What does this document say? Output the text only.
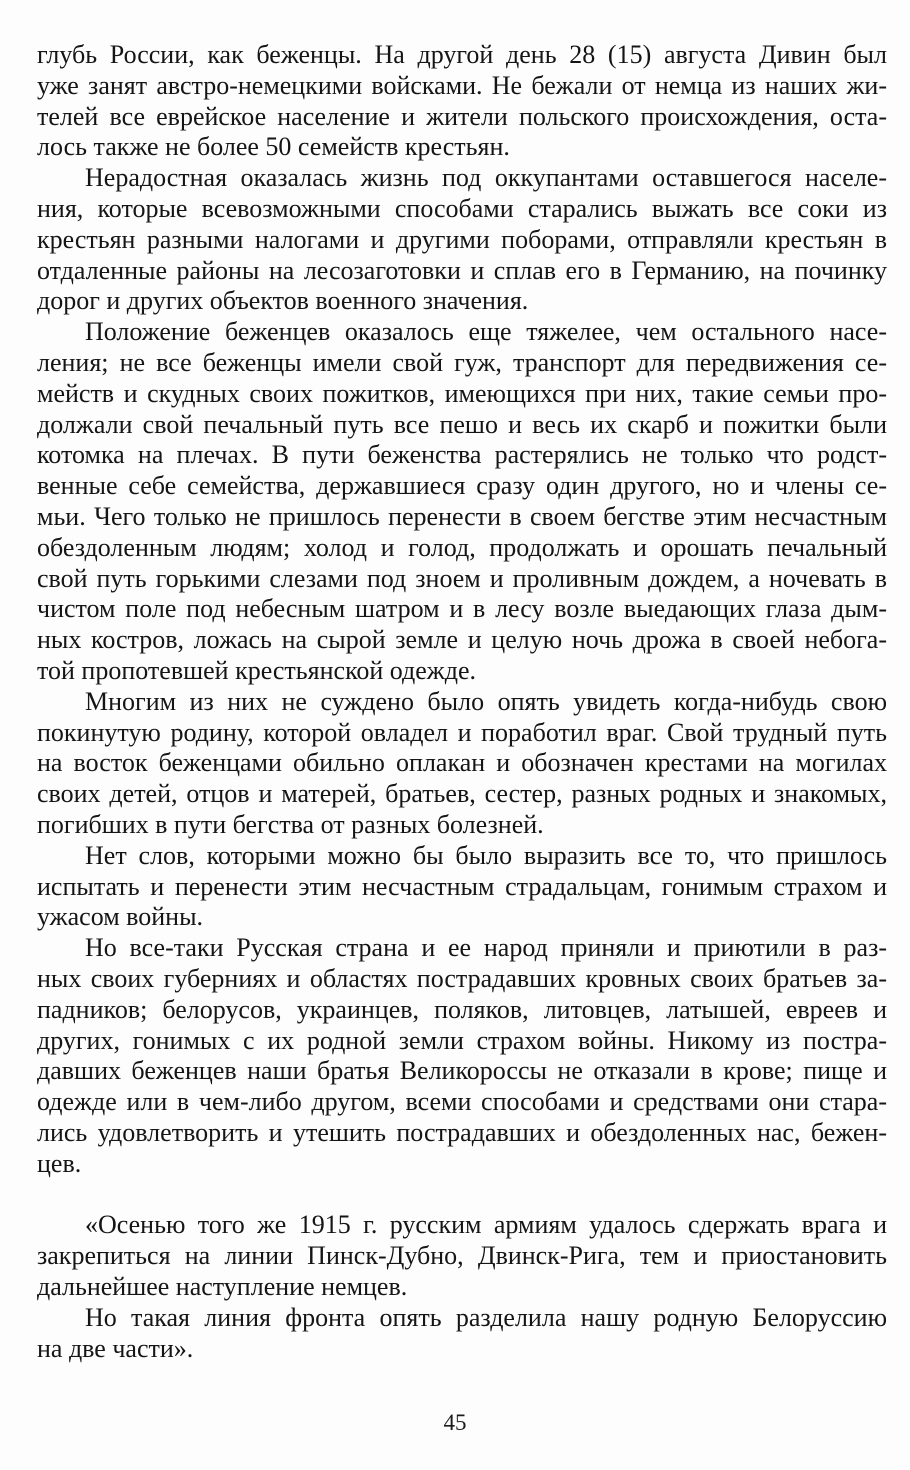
глубь России, как беженцы. На другой день 28 (15) августа Дивин был
уже занят австро-немецкими войсками. Не бежали от немца из наших жи-
телей все еврейское население и жители польского происхождения, оста-
лось также не более 50 семейств крестьян.

Нерадостная оказалась жизнь под оккупантами оставшегося населе-
ния, которые всевозможными способами старались выжать все соки из
крестьян разными налогами и другими поборами, отправляли крестьян в
отдаленные районы на лесозаготовки и сплав его в Германию, на починку
дорог и других объектов военного значения.

Положение беженцев оказалось еще тяжелее, чем остального насе-
ления; не все беженцы имели свой гуж, транспорт для передвижения се-
мейств и скудных своих пожитков, имеющихся при них, такие семьи про-
должали свой печальный путь все пешо и весь их скарб и пожитки были
котомка на плечах. В пути беженства растерялись не только что родст-
венные себе семейства, державшиеся сразу один другого, но и члены се-
мьи. Чего только не пришлось перенести в своем бегстве этим несчастным
обездоленным людям; холод и голод, продолжать и орошать печальный
свой путь горькими слезами под зноем и проливным дождем, а ночевать в
чистом поле под небесным шатром и в лесу возле выедающих глаза дым-
ных костров, ложась на сырой земле и целую ночь дрожа в своей небога-
той пропотевшей крестьянской одежде.

Многим из них не суждено было опять увидеть когда-нибудь свою
покинутую родину, которой овладел и поработил враг. Свой трудный путь
на восток беженцами обильно оплакан и обозначен крестами на могилах
своих детей, отцов и матерей, братьев, сестер, разных родных и знакомых,
погибших в пути бегства от разных болезней.

Нет слов, которыми можно бы было выразить все то, что пришлось
испытать и перенести этим несчастным страдальцам, гонимым страхом и
ужасом войны.

Но все-таки Русская страна и ее народ приняли и приютили в раз-
ных своих губерниях и областях пострадавших кровных своих братьев за-
падников; белорусов, украинцев, поляков, литовцев, латышей, евреев и
других, гонимых с их родной земли страхом войны. Никому из постра-
давших беженцев наши братья Великороссы не отказали в крове; пище и
одежде или в чем-либо другом, всеми способами и средствами они стара-
лись удовлетворить и утешить пострадавших и обездоленных нас, бежен-
цев.

«Осенью того же 1915 г. русским армиям удалось сдержать врага и
закрепиться на линии Пинск-Дубно, Двинск-Рига, тем и приостановить
дальнейшее наступление немцев.

Но такая линия фронта опять разделила нашу родную Белоруссию
на две части».

45
